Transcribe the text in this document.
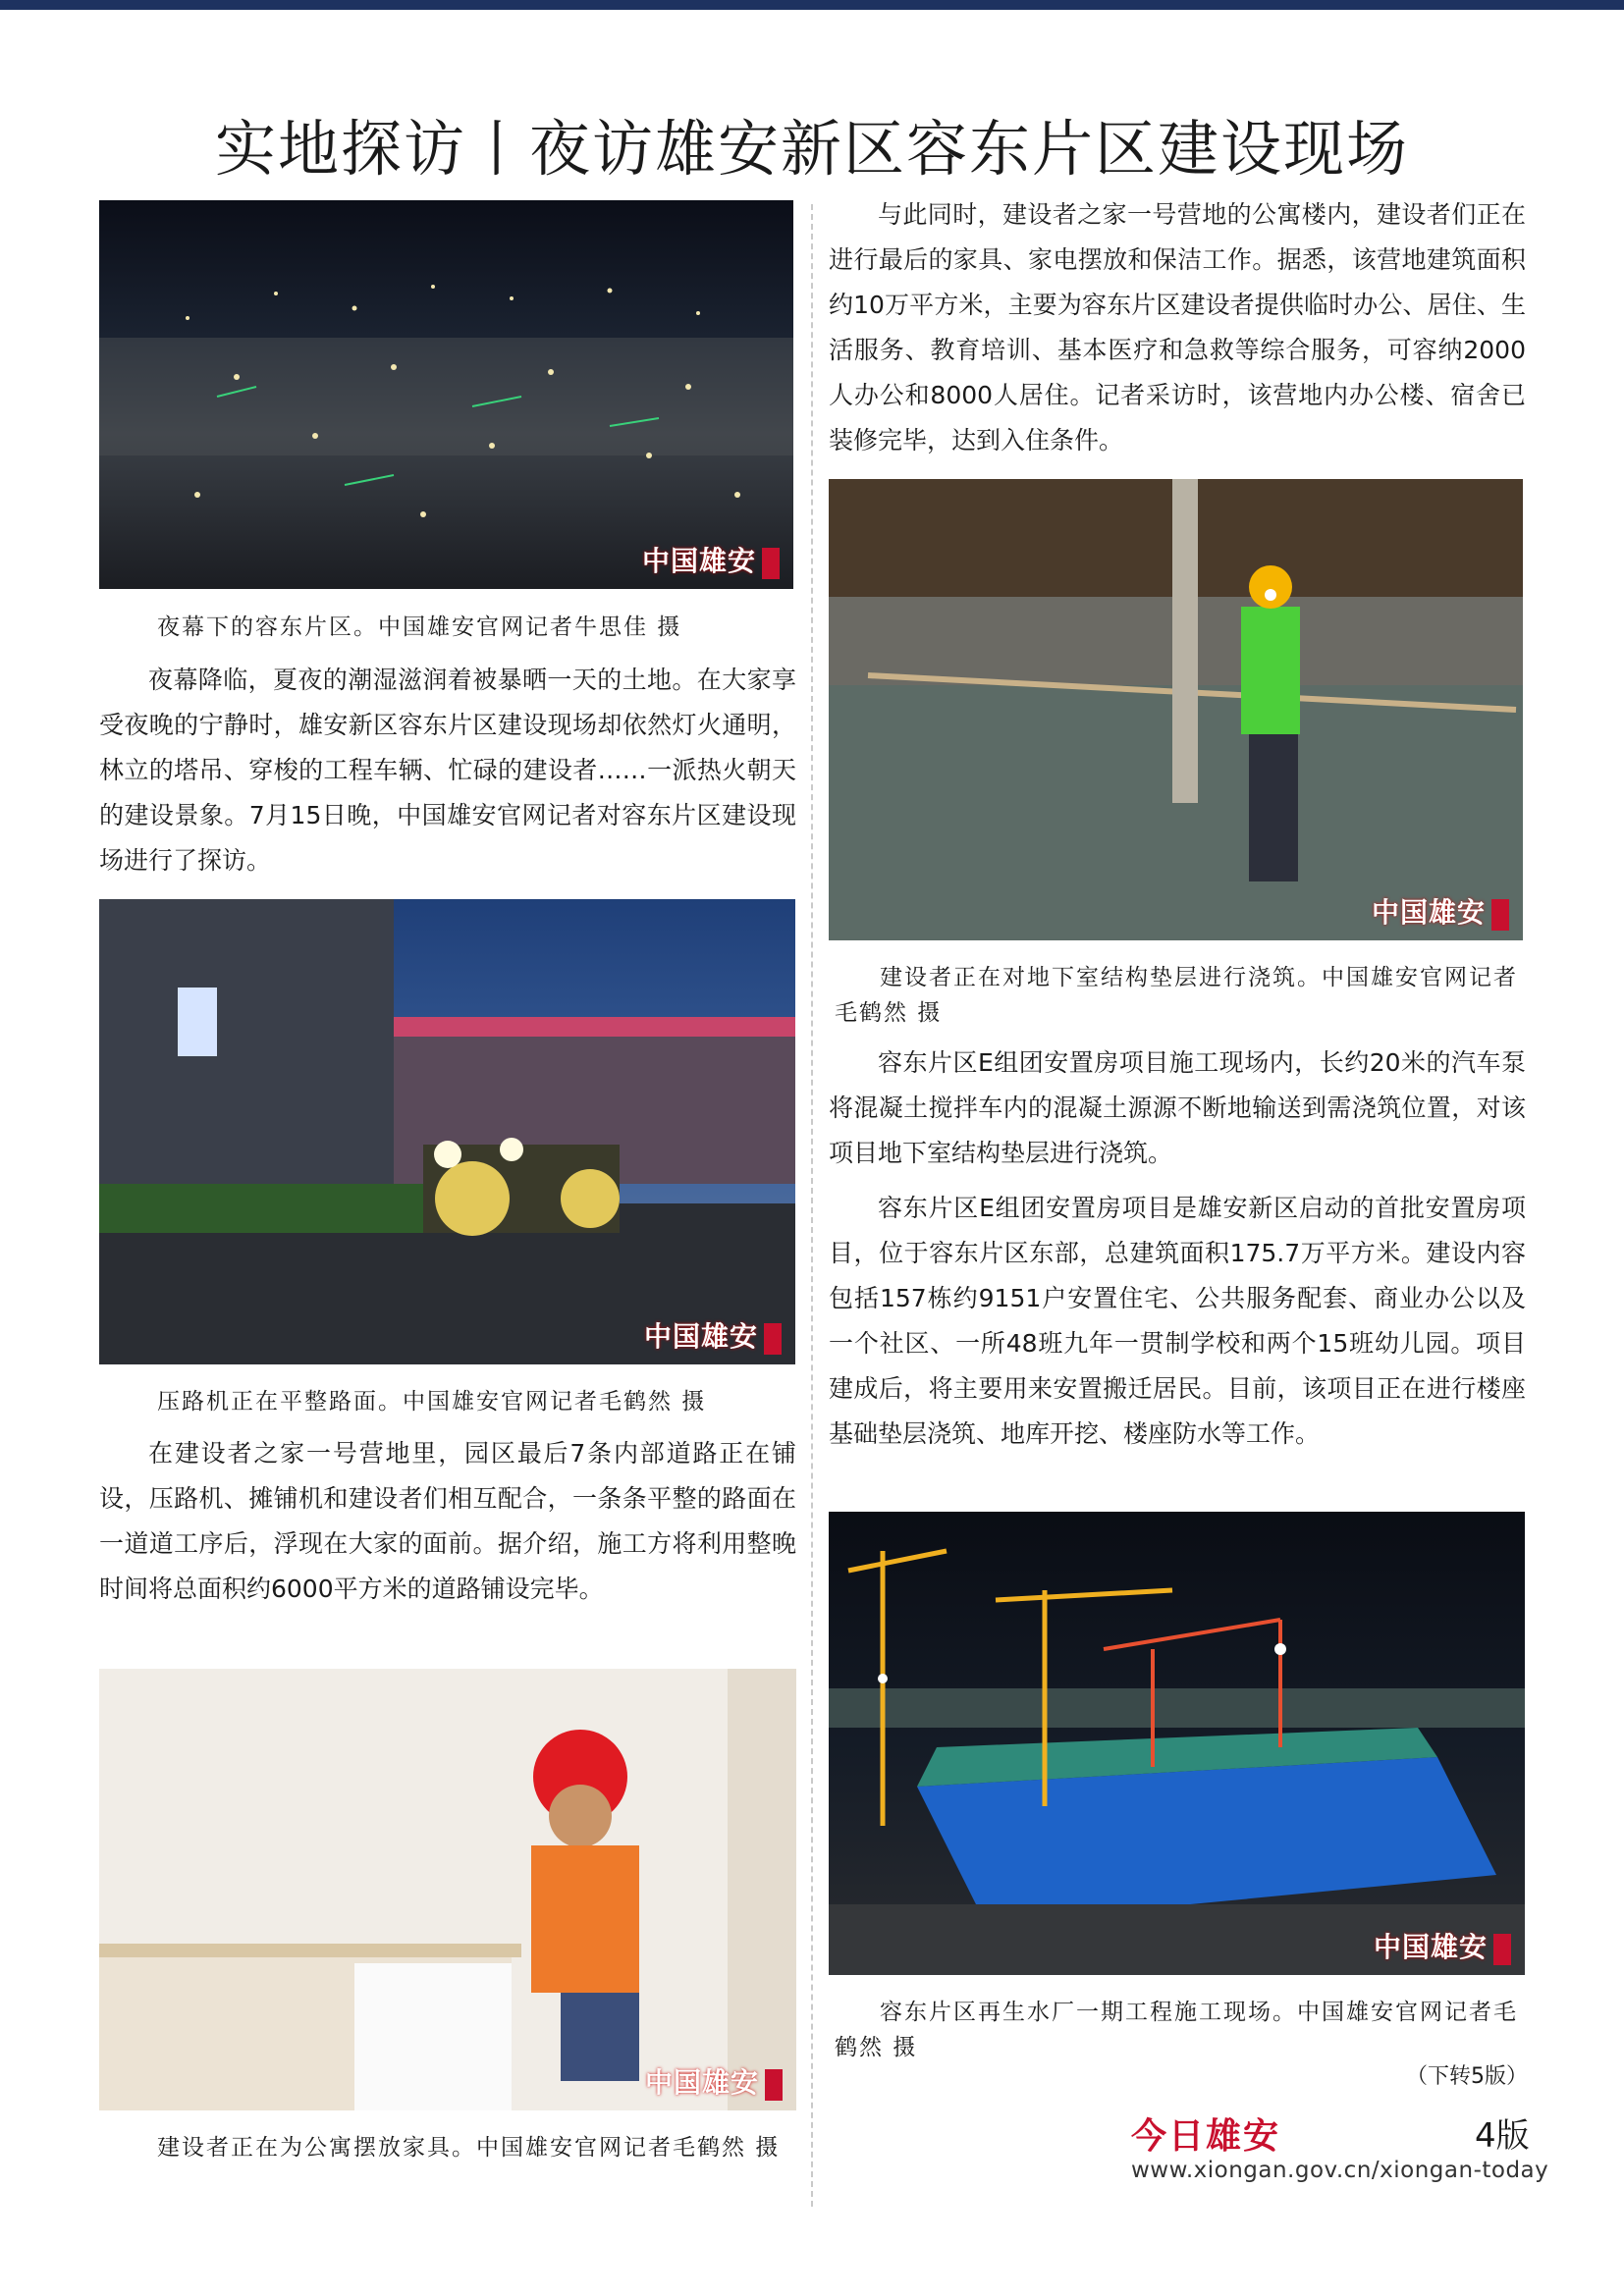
实地探访丨夜访雄安新区容东片区建设现场
中国雄安
夜幕下的容东片区。中国雄安官网记者牛思佳 摄

夜幕降临，夏夜的潮湿滋润着被暴晒一天的土地。在大家享受夜晚的宁静时，雄安新区容东片区建设现场却依然灯火通明，林立的塔吊、穿梭的工程车辆、忙碌的建设者……一派热火朝天的建设景象。7月15日晚，中国雄安官网记者对容东片区建设现场进行了探访。

中国雄安
压路机正在平整路面。中国雄安官网记者毛鹤然 摄

在建设者之家一号营地里，园区最后7条内部道路正在铺设，压路机、摊铺机和建设者们相互配合，一条条平整的路面在一道道工序后，浮现在大家的面前。据介绍，施工方将利用整晚时间将总面积约6000平方米的道路铺设完毕。

中国雄安
建设者正在为公寓摆放家具。中国雄安官网记者毛鹤然 摄

与此同时，建设者之家一号营地的公寓楼内，建设者们正在进行最后的家具、家电摆放和保洁工作。据悉，该营地建筑面积约10万平方米，主要为容东片区建设者提供临时办公、居住、生活服务、教育培训、基本医疗和急救等综合服务，可容纳2000人办公和8000人居住。记者采访时，该营地内办公楼、宿舍已装修完毕，达到入住条件。

中国雄安
建设者正在对地下室结构垫层进行浇筑。中国雄安官网记者毛鹤然 摄

容东片区E组团安置房项目施工现场内，长约20米的汽车泵将混凝土搅拌车内的混凝土源源不断地输送到需浇筑位置，对该项目地下室结构垫层进行浇筑。

容东片区E组团安置房项目是雄安新区启动的首批安置房项目，位于容东片区东部，总建筑面积175.7万平方米。建设内容包括157栋约9151户安置住宅、公共服务配套、商业办公以及一个社区、一所48班九年一贯制学校和两个15班幼儿园。项目建成后，将主要用来安置搬迁居民。目前，该项目正在进行楼座基础垫层浇筑、地库开挖、楼座防水等工作。

中国雄安
容东片区再生水厂一期工程施工现场。中国雄安官网记者毛鹤然 摄
（下转5版）
今日雄安	4版
www.xiongan.gov.cn/xiongan-today
